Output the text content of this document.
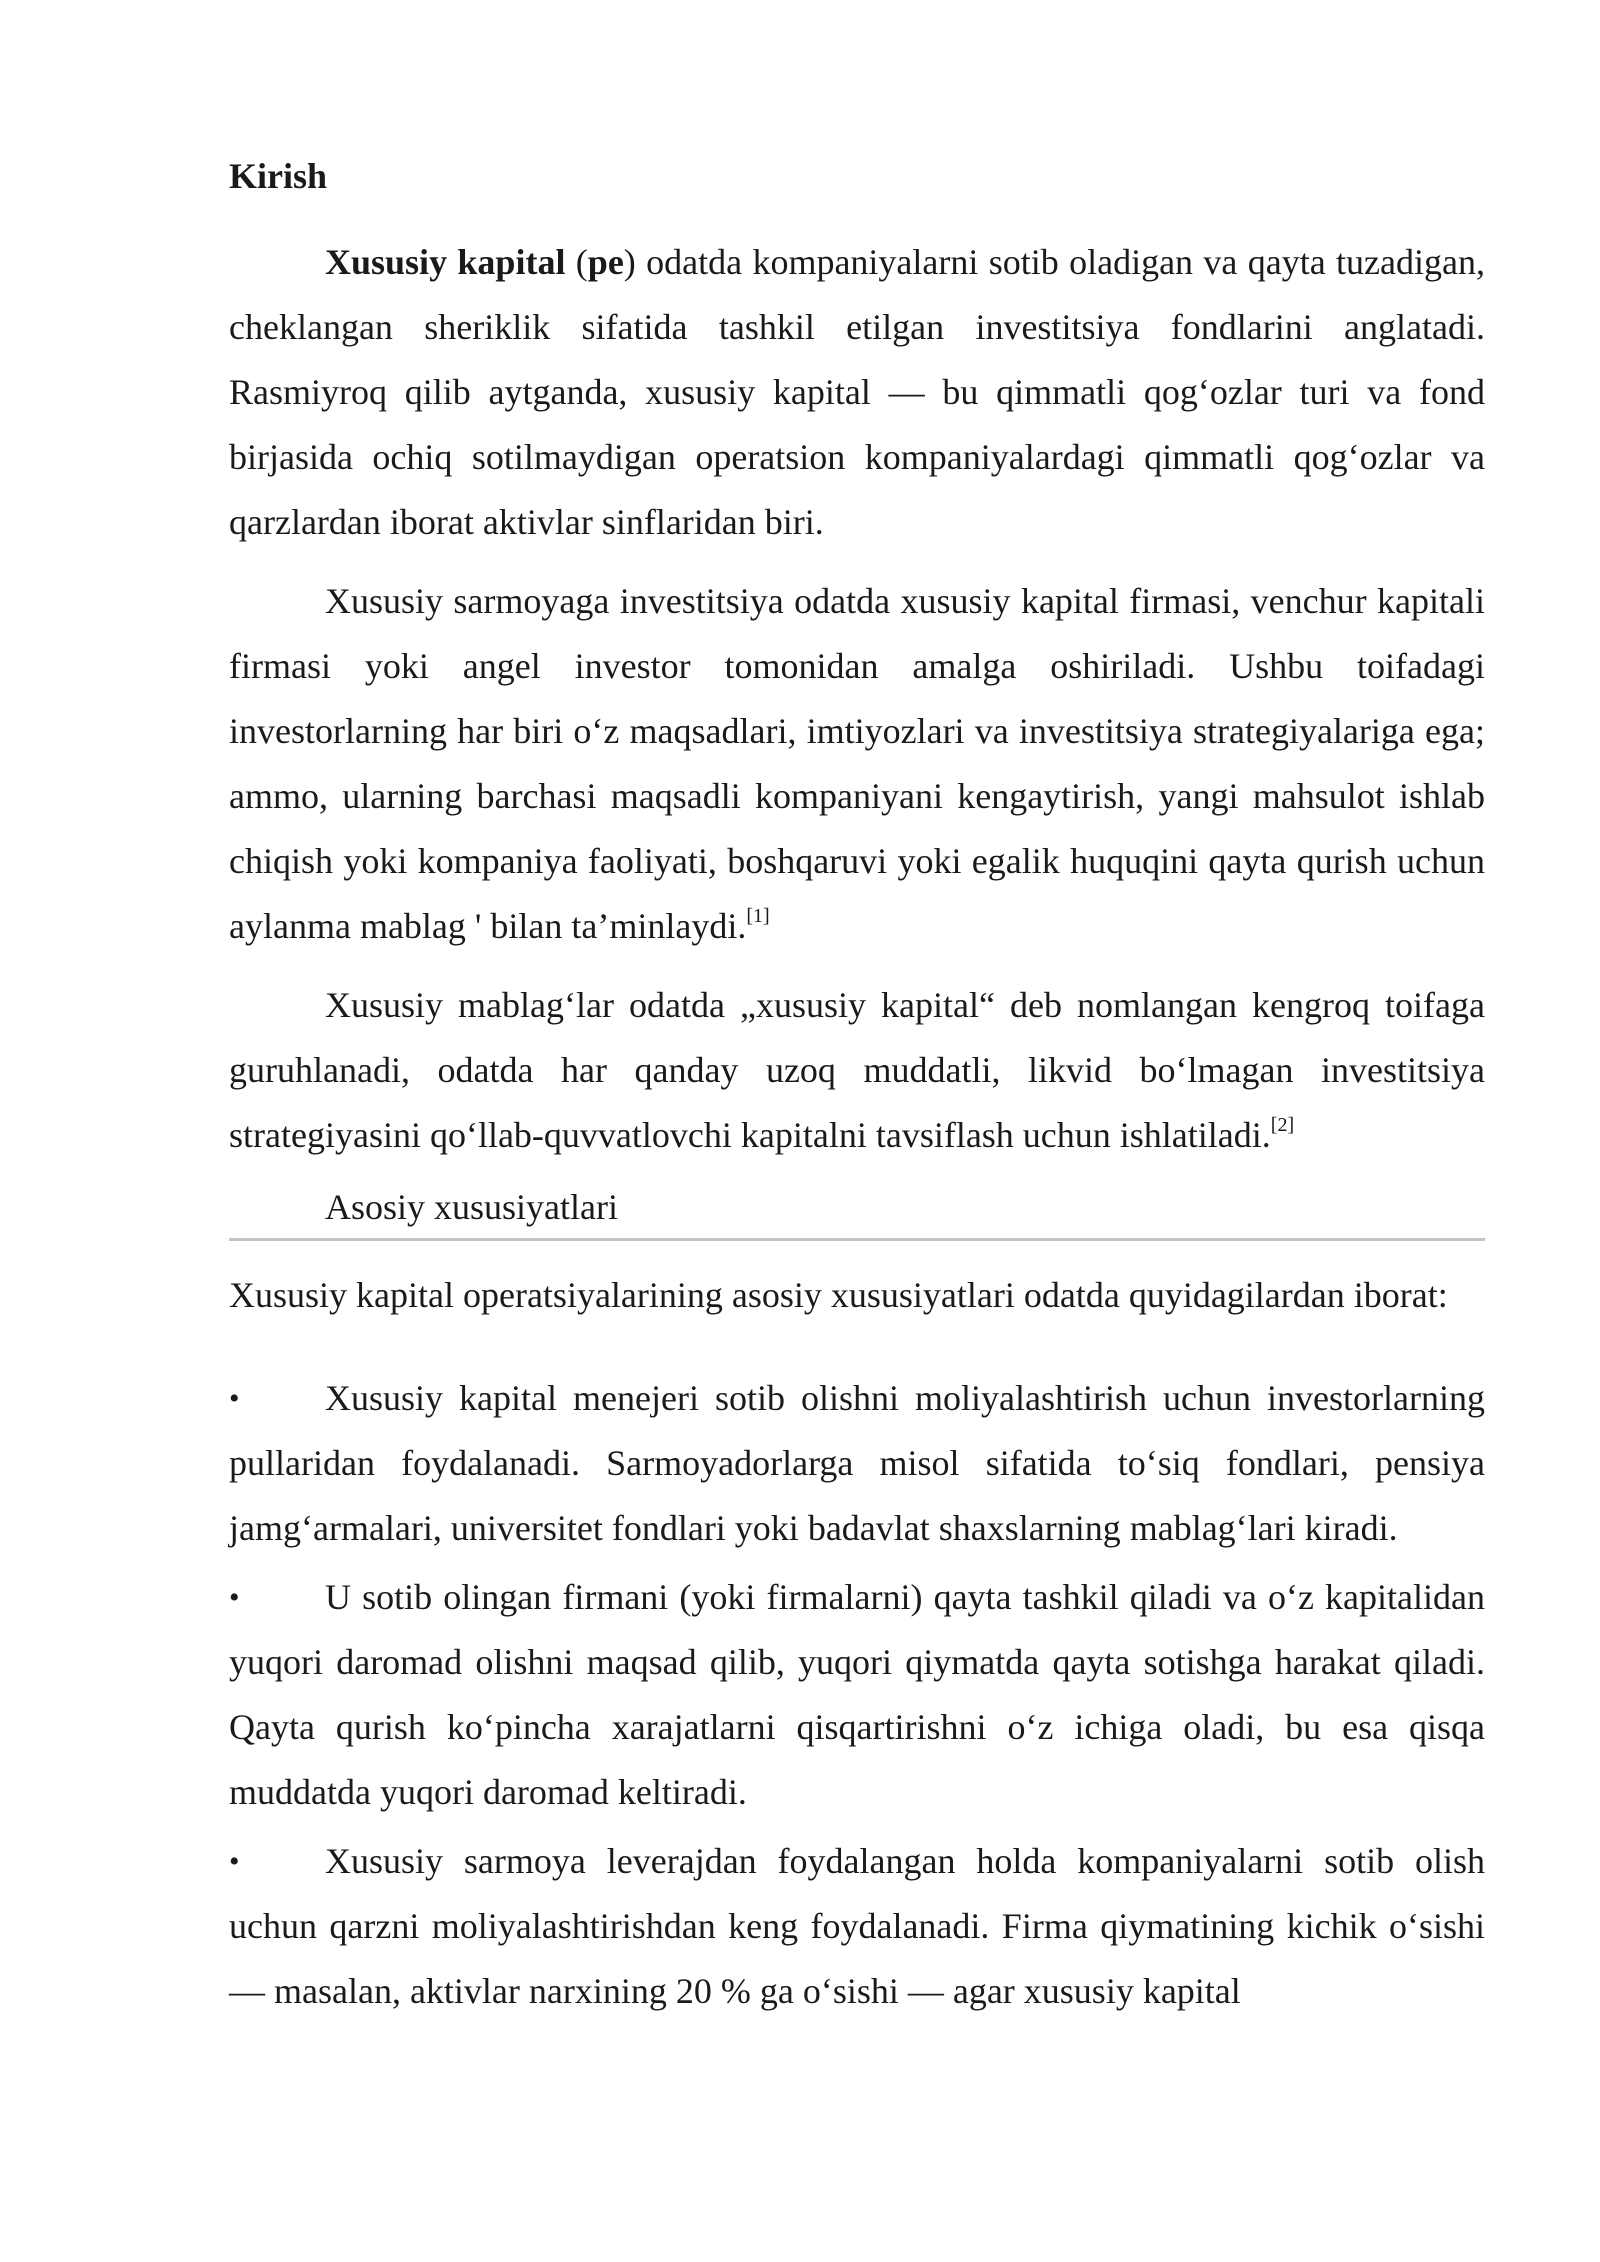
Kirish

Xususiy kapital (pe) odatda kompaniyalarni sotib oladigan va qayta tuzadigan, cheklangan sheriklik sifatida tashkil etilgan investitsiya fondlarini anglatadi. Rasmiyroq qilib aytganda, xususiy kapital — bu qimmatli qog‘ozlar turi va fond birjasida ochiq sotilmaydigan operatsion kompaniyalardagi qimmatli qog‘ozlar va qarzlardan iborat aktivlar sinflaridan biri.

Xususiy sarmoyaga investitsiya odatda xususiy kapital firmasi, venchur kapitali firmasi yoki angel investor tomonidan amalga oshiriladi. Ushbu toifadagi investorlarning har biri o‘z maqsadlari, imtiyozlari va investitsiya strategiyalariga ega; ammo, ularning barchasi maqsadli kompaniyani kengaytirish, yangi mahsulot ishlab chiqish yoki kompaniya faoliyati, boshqaruvi yoki egalik huquqini qayta qurish uchun aylanma mablag ' bilan ta’minlaydi.[1]

Xususiy mablag‘lar odatda „xususiy kapital“ deb nomlangan kengroq toifaga guruhlanadi, odatda har qanday uzoq muddatli, likvid bo‘lmagan investitsiya strategiyasini qo‘llab-quvvatlovchi kapitalni tavsiflash uchun ishlatiladi.[2]

Asosiy xususiyatlari

Xususiy kapital operatsiyalarining asosiy xususiyatlari odatda quyidagilardan iborat:

• Xususiy kapital menejeri sotib olishni moliyalashtirish uchun investorlarning pullaridan foydalanadi. Sarmoyadorlarga misol sifatida to‘siq fondlari, pensiya jamg‘armalari, universitet fondlari yoki badavlat shaxslarning mablag‘lari kiradi.

• U sotib olingan firmani (yoki firmalarni) qayta tashkil qiladi va o‘z kapitalidan yuqori daromad olishni maqsad qilib, yuqori qiymatda qayta sotishga harakat qiladi. Qayta qurish ko‘pincha xarajatlarni qisqartirishni o‘z ichiga oladi, bu esa qisqa muddatda yuqori daromad keltiradi.

• Xususiy sarmoya leverajdan foydalangan holda kompaniyalarni sotib olish uchun qarzni moliyalashtirishdan keng foydalanadi. Firma qiymatining kichik o‘sishi — masalan, aktivlar narxining 20 % ga o‘sishi — agar xususiy kapital
